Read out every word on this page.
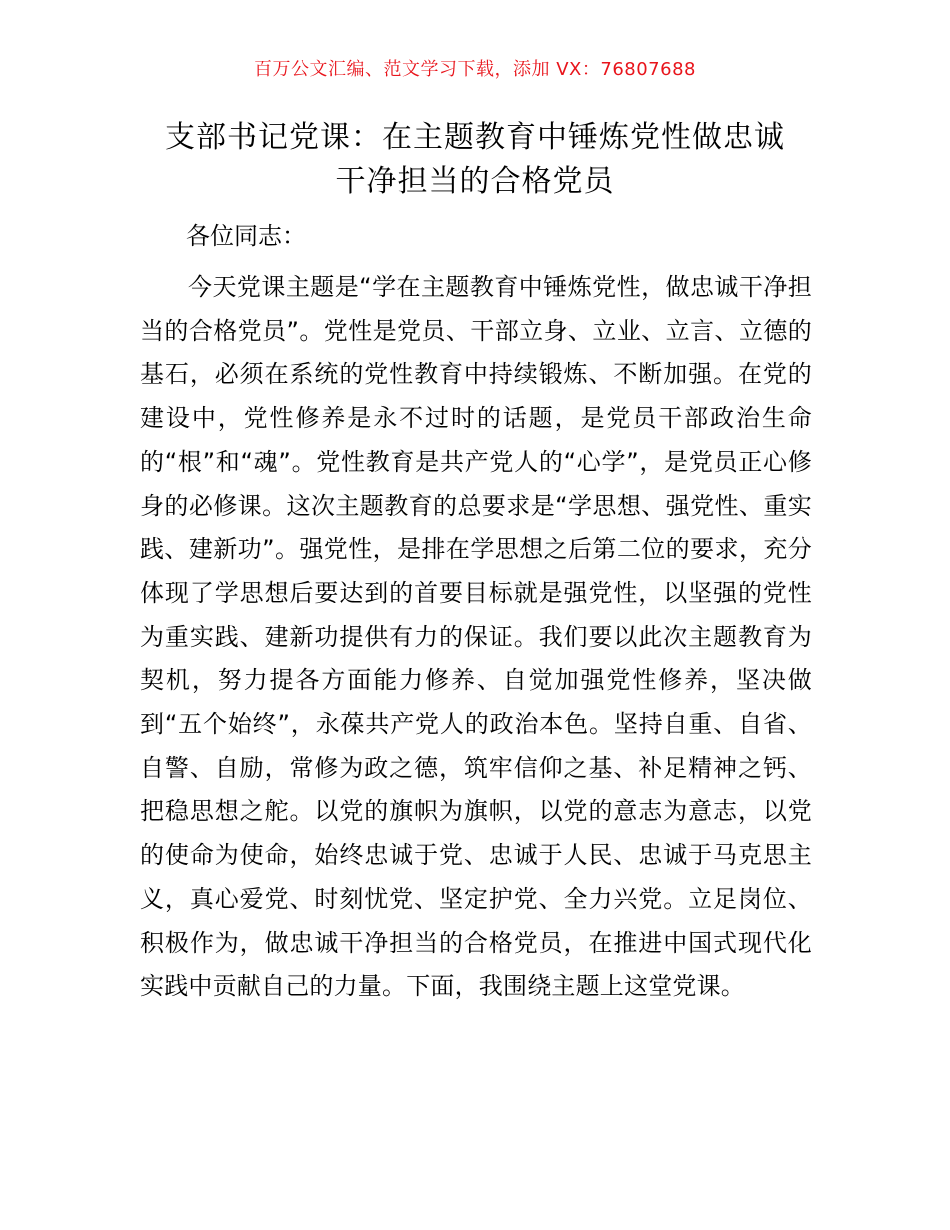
百万公文汇编、范文学习下载，添加 VX：76807688
支部书记党课：在主题教育中锤炼党性做忠诚
干净担当的合格党员

各位同志：

今天党课主题是“学在主题教育中锤炼党性，做忠诚干净担当的合格党员”。党性是党员、干部立身、立业、立言、立德的基石，必须在系统的党性教育中持续锻炼、不断加强。在党的建设中，党性修养是永不过时的话题，是党员干部政治生命的“根”和“魂”。党性教育是共产党人的“心学”，是党员正心修身的必修课。这次主题教育的总要求是“学思想、强党性、重实践、建新功”。强党性，是排在学思想之后第二位的要求，充分体现了学思想后要达到的首要目标就是强党性，以坚强的党性为重实践、建新功提供有力的保证。我们要以此次主题教育为契机，努力提各方面能力修养、自觉加强党性修养，坚决做到“五个始终”，永葆共产党人的政治本色。坚持自重、自省、自警、自励，常修为政之德，筑牢信仰之基、补足精神之钙、把稳思想之舵。以党的旗帜为旗帜，以党的意志为意志，以党的使命为使命，始终忠诚于党、忠诚于人民、忠诚于马克思主义，真心爱党、时刻忧党、坚定护党、全力兴党。立足岗位、积极作为，做忠诚干净担当的合格党员，在推进中国式现代化实践中贡献自己的力量。下面，我围绕主题上这堂党课。
